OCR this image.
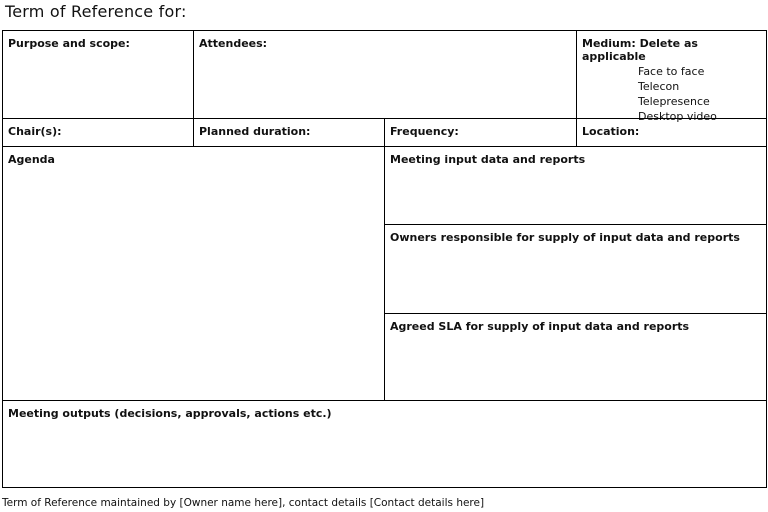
Term of Reference for:
Purpose and scope:	Attendees:	Medium: Delete as applicable
Face to face
Telecon
Telepresence
Desktop video
Chair(s):	Planned duration:	Frequency:	Location:
Agenda	Meeting input data and reports
Owners responsible for supply of input data and reports
Agreed SLA for supply of input data and reports
Meeting outputs (decisions, approvals, actions etc.)
Term of Reference maintained by [Owner name here], contact details [Contact details here]
